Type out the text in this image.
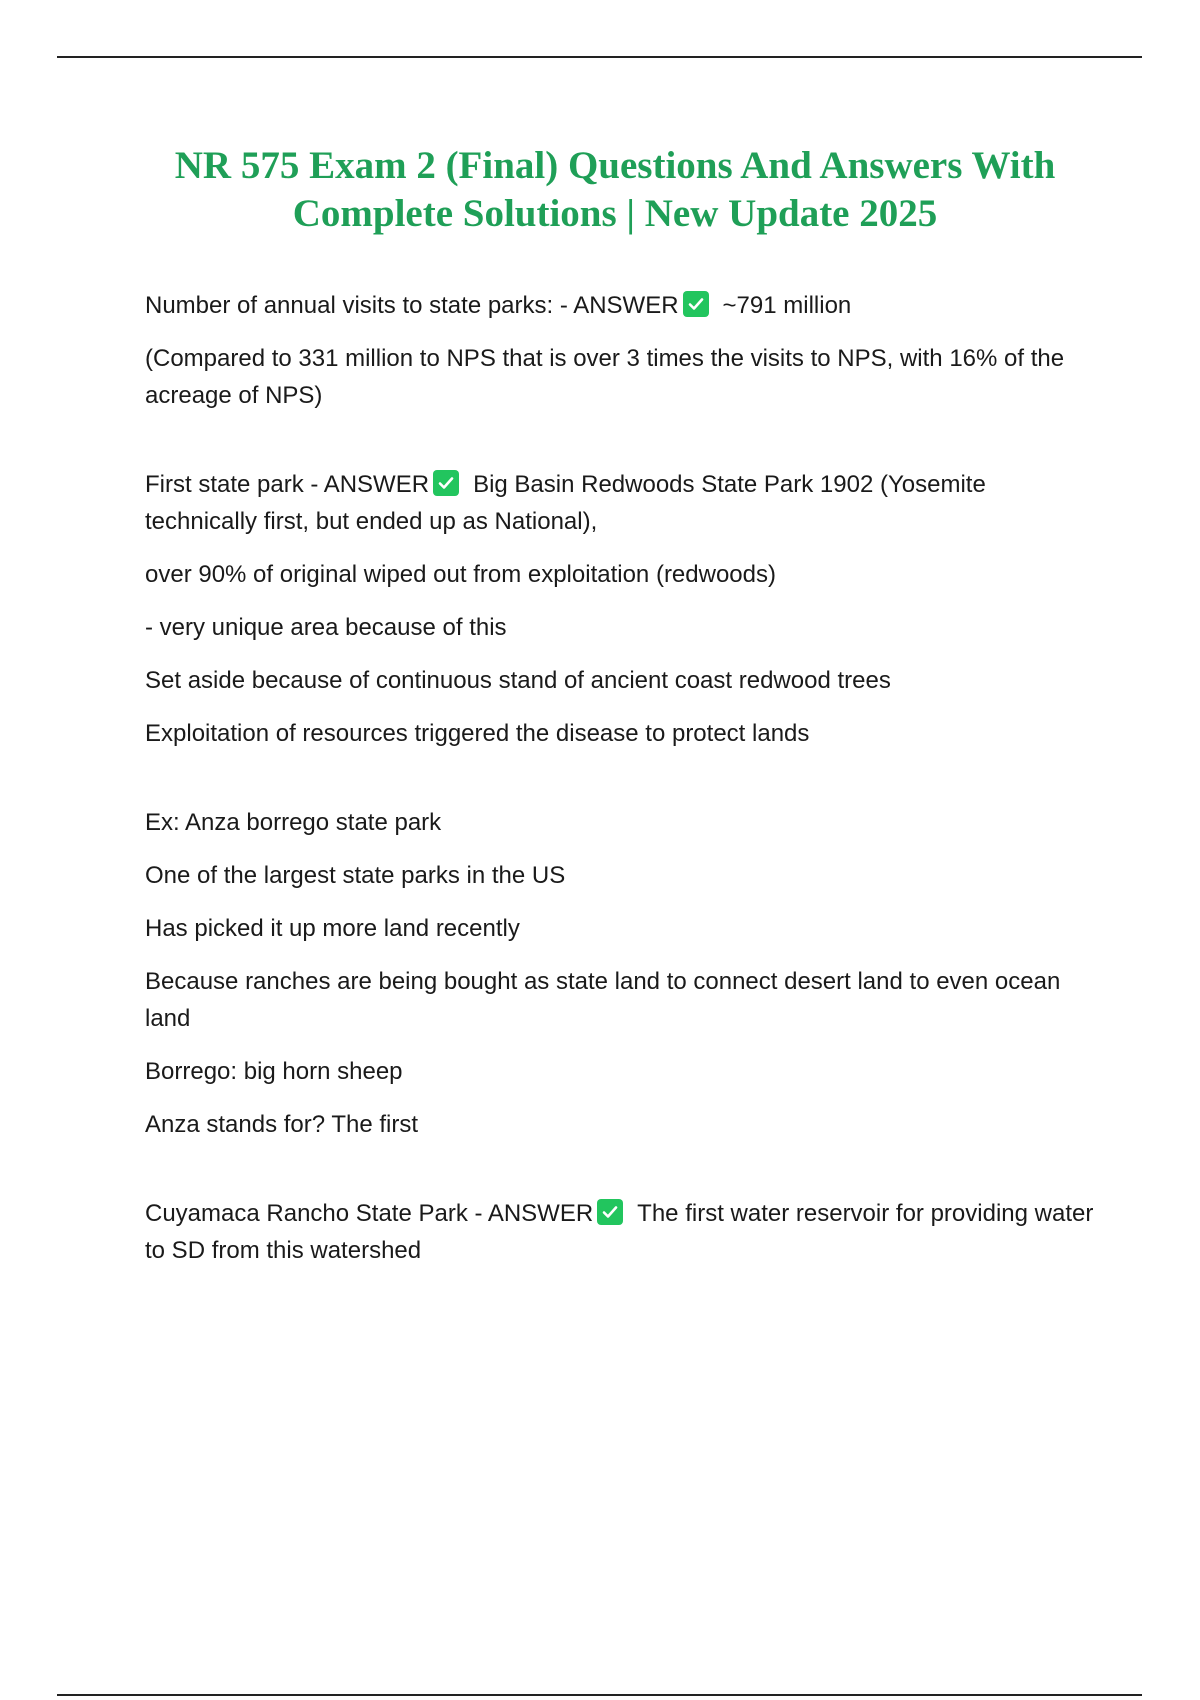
NR 575 Exam 2 (Final) Questions And Answers With
Complete Solutions | New Update 2025

Number of annual visits to state parks: - ANSWER ~791 million

(Compared to 331 million to NPS that is over 3 times the visits to NPS, with 16% of the acreage of NPS)

First state park - ANSWER Big Basin Redwoods State Park 1902 (Yosemite technically first, but ended up as National),

over 90% of original wiped out from exploitation (redwoods)

- very unique area because of this

Set aside because of continuous stand of ancient coast redwood trees

Exploitation of resources triggered the disease to protect lands

Ex: Anza borrego state park

One of the largest state parks in the US

Has picked it up more land recently

Because ranches are being bought as state land to connect desert land to even ocean land

Borrego: big horn sheep

Anza stands for? The first

Cuyamaca Rancho State Park - ANSWER The first water reservoir for providing water to SD from this watershed
